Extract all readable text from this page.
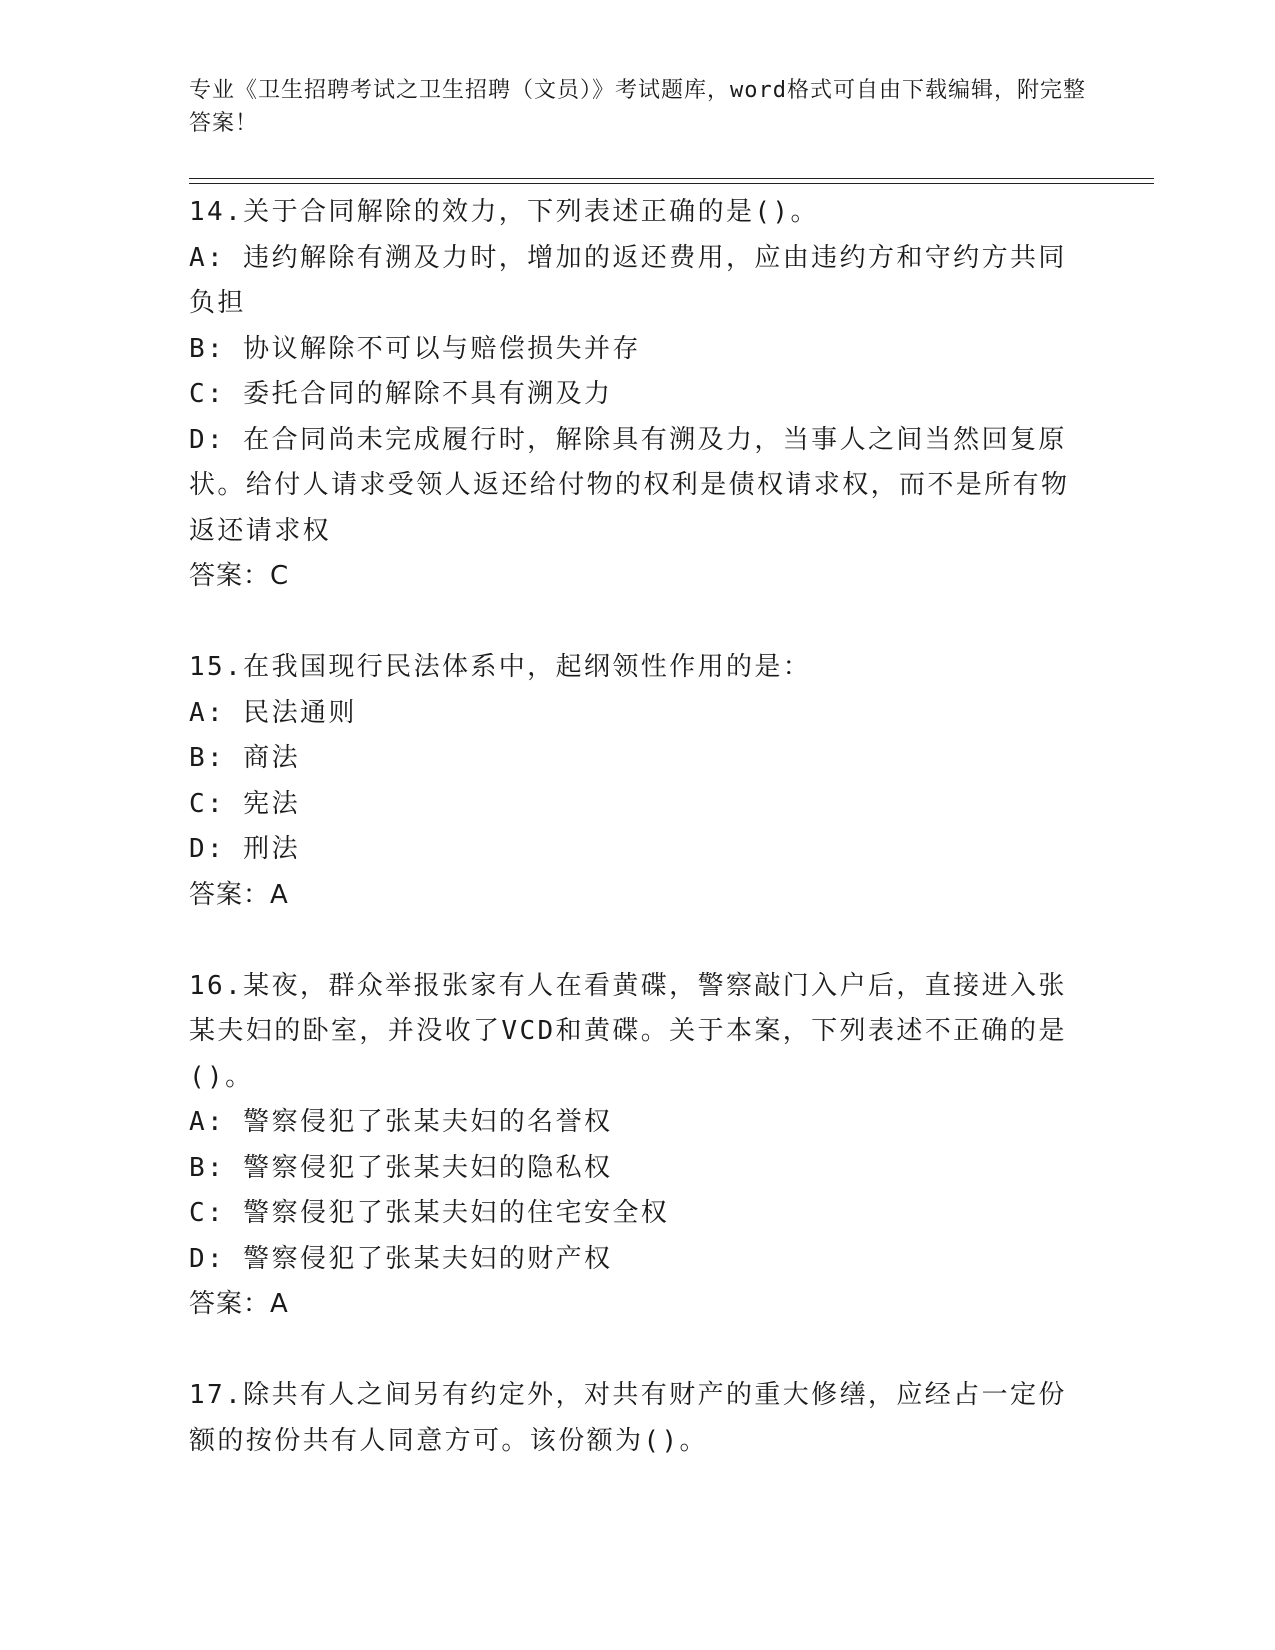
专业《卫生招聘考试之卫生招聘（文员）》考试题库，word格式可自由下载编辑，附完整答案！

14.关于合同解除的效力，下列表述正确的是()。

A: 违约解除有溯及力时，增加的返还费用，应由违约方和守约方共同负担

B: 协议解除不可以与赔偿损失并存

C: 委托合同的解除不具有溯及力

D: 在合同尚未完成履行时，解除具有溯及力，当事人之间当然回复原状。给付人请求受领人返还给付物的权利是债权请求权，而不是所有物返还请求权

答案：C

15.在我国现行民法体系中，起纲领性作用的是：

A: 民法通则

B: 商法

C: 宪法

D: 刑法

答案：A

16.某夜，群众举报张家有人在看黄碟，警察敲门入户后，直接进入张某夫妇的卧室，并没收了VCD和黄碟。关于本案，下列表述不正确的是()。

A: 警察侵犯了张某夫妇的名誉权

B: 警察侵犯了张某夫妇的隐私权

C: 警察侵犯了张某夫妇的住宅安全权

D: 警察侵犯了张某夫妇的财产权

答案：A

17.除共有人之间另有约定外，对共有财产的重大修缮，应经占一定份额的按份共有人同意方可。该份额为()。
